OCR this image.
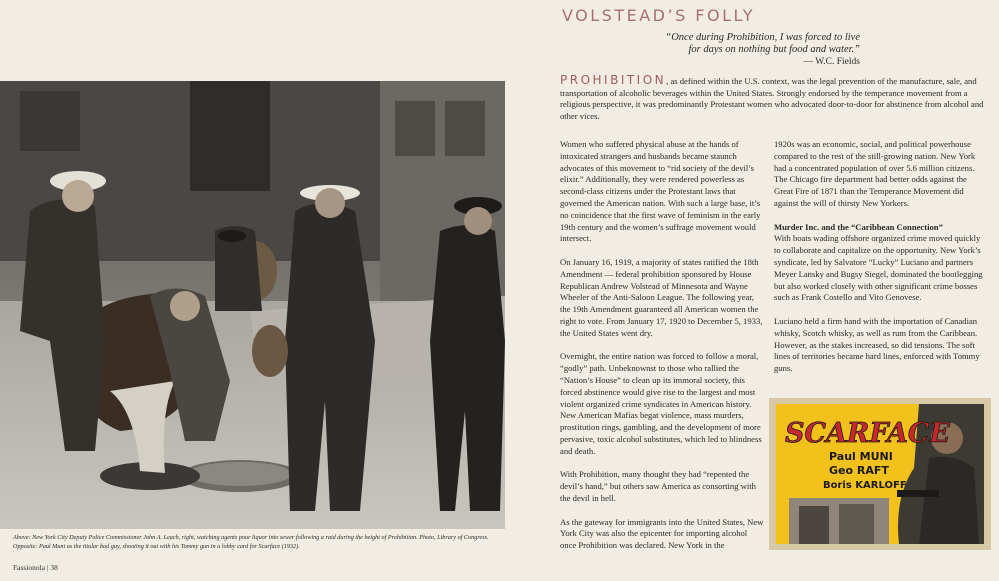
VOLSTEAD’S FOLLY
“Once during Prohibition, I was forced to live
for days on nothing but food and water.”
— W.C. Fields
Above: New York City Deputy Police Commissioner John A. Leach, right, watching agents pour liquor into sewer following a raid during the height of Prohibition. Photo, Library of Congress. Opposite: Paul Muni as the titular bad guy, shooting it out with his Tommy gun in a lobby card for Scarface (1932).
Fassionola | 38
PROHIBITION, as defined within the U.S. context, was the legal prevention of the manufacture, sale, and transportation of alcoholic beverages within the United States. Strongly endorsed by the temperance movement from a religious perspective, it was predominantly Protestant women who advocated door-to-door for abstinence from alcohol and other vices.

Women who suffered physical abuse at the hands of intoxicated strangers and husbands became staunch advocates of this movement to “rid society of the devil’s elixir.” Additionally, they were rendered powerless as second-class citizens under the Protestant laws that governed the American nation. With such a large base, it’s no coincidence that the first wave of feminism in the early 19th century and the women’s suffrage movement would intersect.

On January 16, 1919, a majority of states ratified the 18th Amendment — federal prohibition sponsored by House Republican Andrew Volstead of Minnesota and Wayne Wheeler of the Anti-Saloon League. The following year, the 19th Amendment guaranteed all American women the right to vote. From January 17, 1920 to December 5, 1933, the United States went dry.

Overnight, the entire nation was forced to follow a moral, “godly” path. Unbeknownst to those who rallied the “Nation’s House” to clean up its immoral society, this forced abstinence would give rise to the largest and most violent organized crime syndicates in American history. New American Mafias begat violence, mass murders, prostitution rings, gambling, and the development of more pervasive, toxic alcohol substitutes, which led to blindness and death.

With Prohibition, many thought they had “repented the devil’s hand,” but others saw America as consorting with the devil in hell.

As the gateway for immigrants into the United States, New York City was also the epicenter for importing alcohol once Prohibition was declared. New York in the

1920s was an economic, social, and political powerhouse compared to the rest of the still-growing nation. New York had a concentrated population of over 5.6 million citizens. The Chicago fire department had better odds against the Great Fire of 1871 than the Temperance Movement did against the will of thirsty New Yorkers.

Murder Inc. and the “Caribbean Connection”

With boats wading offshore organized crime moved quickly to collaborate and capitalize on the opportunity. New York’s syndicate, led by Salvatore “Lucky” Luciano and partners Meyer Lansky and Bugsy Siegel, dominated the bootlegging but also worked closely with other significant crime bosses such as Frank Costello and Vito Genovese.

Luciano held a firm hand with the importation of Canadian whisky, Scotch whisky, as well as rum from the Caribbean. However, as the stakes increased, so did tensions. The soft lines of territories became hard lines, enforced with Tommy guns.

SCARFACE
Paul MUNI
Geo RAFT
Boris KARLOFF
